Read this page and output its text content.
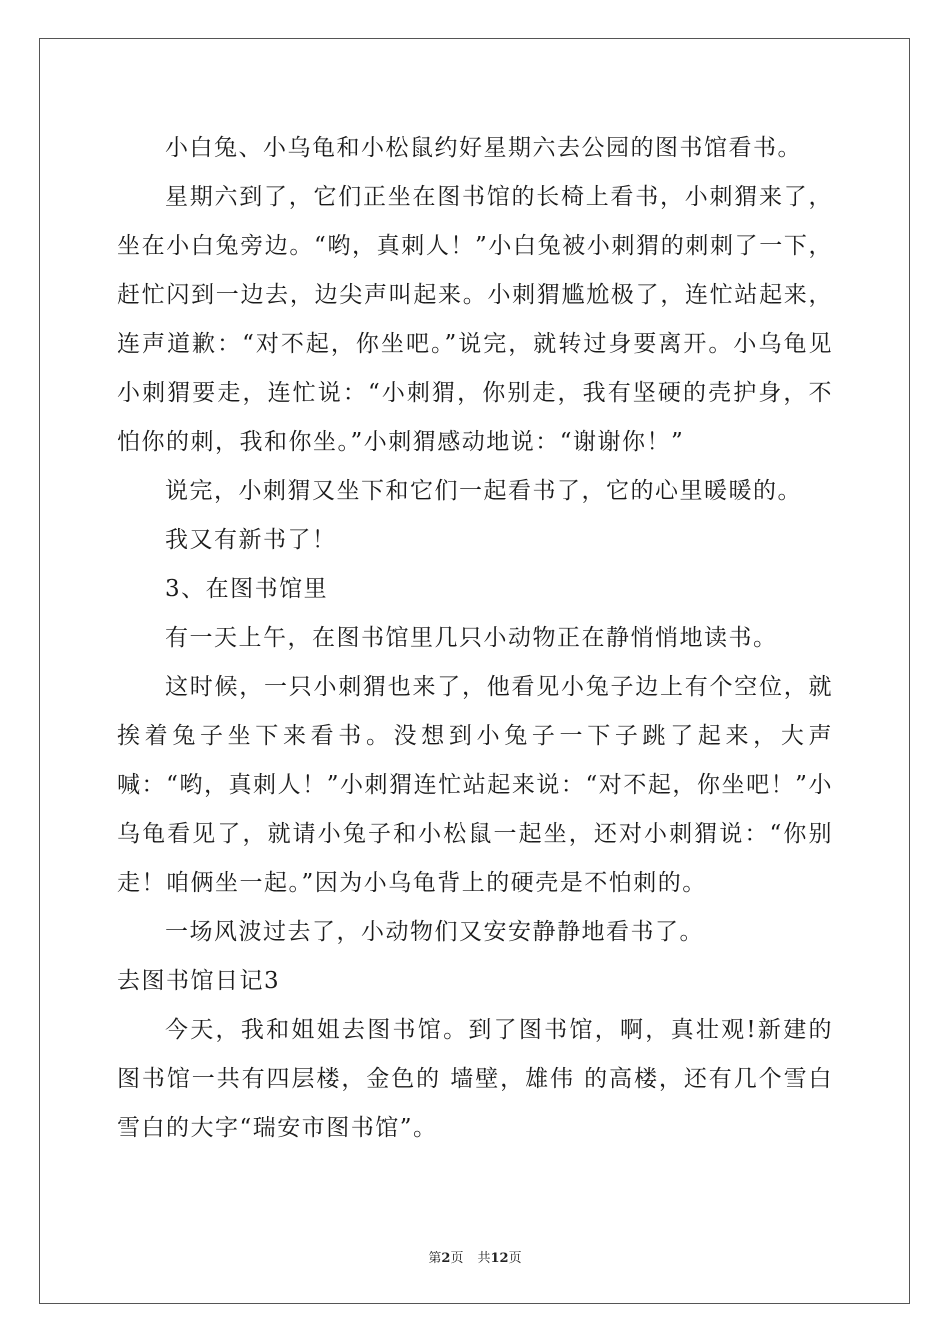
小白兔、小乌龟和小松鼠约好星期六去公园的图书馆看书。

星期六到了，它们正坐在图书馆的长椅上看书，小刺猬来了，坐在小白兔旁边。“哟，真刺人！”小白兔被小刺猬的刺刺了一下，赶忙闪到一边去，边尖声叫起来。小刺猬尴尬极了，连忙站起来，连声道歉：“对不起，你坐吧。”说完，就转过身要离开。小乌龟见小刺猬要走，连忙说：“小刺猬，你别走，我有坚硬的壳护身，不怕你的刺，我和你坐。”小刺猬感动地说：“谢谢你！”

说完，小刺猬又坐下和它们一起看书了，它的心里暖暖的。

我又有新书了！

3、在图书馆里

有一天上午，在图书馆里几只小动物正在静悄悄地读书。

这时候，一只小刺猬也来了，他看见小兔子边上有个空位，就挨着兔子坐下来看书。没想到小兔子一下子跳了起来，大声喊：“哟，真刺人！”小刺猬连忙站起来说：“对不起，你坐吧！”小乌龟看见了，就请小兔子和小松鼠一起坐，还对小刺猬说：“你别走！咱俩坐一起。”因为小乌龟背上的硬壳是不怕刺的。

一场风波过去了，小动物们又安安静静地看书了。

去图书馆日记3

今天，我和姐姐去图书馆。到了图书馆，啊，真壮观!新建的图书馆一共有四层楼，金色的 墙壁，雄伟 的高楼，还有几个雪白雪白的大字“瑞安市图书馆”。

第2页 共12页
